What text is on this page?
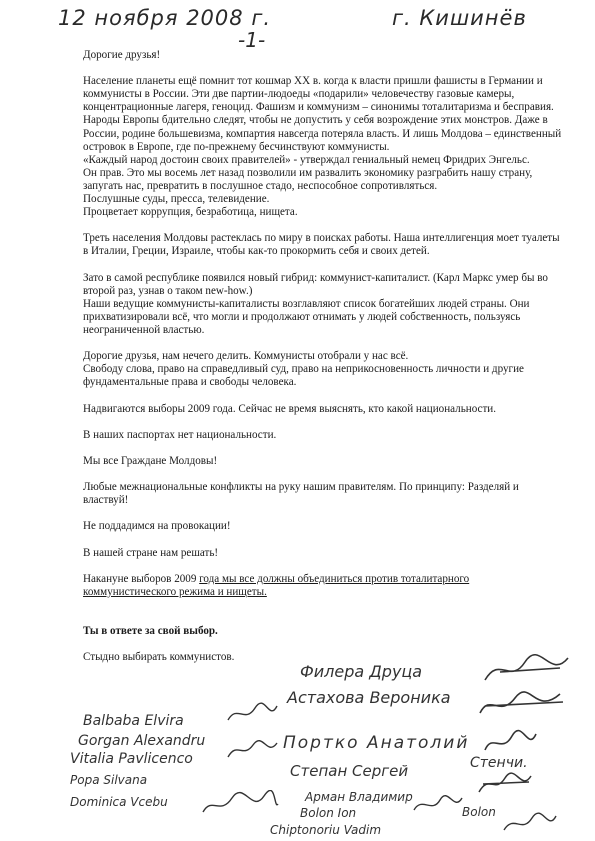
12 ноября 2008 г.	г. Кишинёв
-1-

Дорогие друзья!

Население планеты ещё помнит тот кошмар XX в. когда к власти пришли фашисты в Германии и коммунисты в России. Эти две партии-людоеды «подарили» человечеству газовые камеры, концентрационные лагеря, геноцид. Фашизм и коммунизм – синонимы тоталитаризма и бесправия. Народы Европы бдительно следят, чтобы не допустить у себя возрождение этих монстров. Даже в России, родине большевизма, компартия навсегда потеряла власть. И лишь Молдова – единственный островок в Европе, где по-прежнему бесчинствуют коммунисты.

«Каждый народ достоин своих правителей» - утверждал гениальный немец Фридрих Энгельс.

Он прав. Это мы восемь лет назад позволили им развалить экономику разграбить нашу страну, запугать нас, превратить в послушное стадо, неспособное сопротивляться.

Послушные суды, пресса, телевидение.

Процветает коррупция, безработица, нищета.

Треть населения Молдовы растеклась по миру в поисках работы. Наша интеллигенция моет туалеты в Италии, Греции, Израиле, чтобы как-то прокормить себя и своих детей.

Зато в самой республике появился новый гибрид: коммунист-капиталист. (Карл Маркс умер бы во второй раз, узнав о таком new-how.)

Наши ведущие коммунисты-капиталисты возглавляют список богатейших людей страны. Они прихватизировали всё, что могли и продолжают отнимать у людей собственность, пользуясь неограниченной властью.

Дорогие друзья, нам нечего делить. Коммунисты отобрали у нас всё.

Свободу слова, право на справедливый суд, право на неприкосновенность личности и другие фундаментальные права и свободы человека.

Надвигаются выборы 2009 года. Сейчас не время выяснять, кто какой национальности.

В наших паспортах нет национальности.

Мы все Граждане Молдовы!

Любые межнациональные конфликты на руку нашим правителям. По принципу: Разделяй и властвуй!

Не поддадимся на провокации!

В нашей стране нам решать!

Накануне выборов 2009 года мы все должны объединиться против тоталитарного коммунистического режима и нищеты.

Ты в ответе за свой выбор.

Стыдно выбирать коммунистов.

Филера Друца
Астахова Вероника
Портко Анатолий
Степан Сергей	Стенчи.
Арман Владимир
Bolon Ion	Bolon
Chiptonoriu Vadim
Balbaba Elvira
Gorgan Alexandru
Vitalia Pavlicenco
Popa Silvana
Dominica Vcebu
